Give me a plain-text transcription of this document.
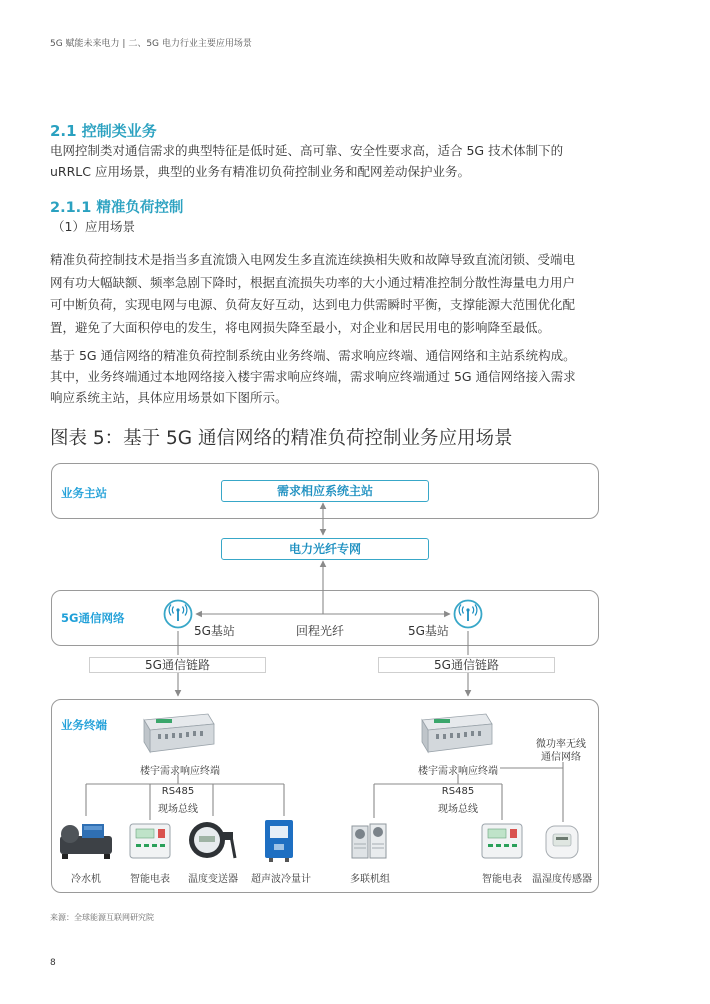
5G 赋能未来电力 | 二、5G 电力行业主要应用场景
2.1 控制类业务
电网控制类对通信需求的典型特征是低时延、高可靠、安全性要求高，适合 5G 技术体制下的
uRRLC 应用场景，典型的业务有精准切负荷控制业务和配网差动保护业务。
2.1.1 精准负荷控制
（1）应用场景
精准负荷控制技术是指当多直流馈入电网发生多直流连续换相失败和故障导致直流闭锁、受端电
网有功大幅缺额、频率急剧下降时，根据直流损失功率的大小通过精准控制分散性海量电力用户
可中断负荷，实现电网与电源、负荷友好互动，达到电力供需瞬时平衡，支撑能源大范围优化配
置，避免了大面积停电的发生，将电网损失降至最小，对企业和居民用电的影响降至最低。
基于 5G 通信网络的精准负荷控制系统由业务终端、需求响应终端、通信网络和主站系统构成。
其中，业务终端通过本地网络接入楼宇需求响应终端，需求响应终端通过 5G 通信网络接入需求
响应系统主站，具体应用场景如下图所示。
图表 5：基于 5G 通信网络的精准负荷控制业务应用场景
业务主站	需求相应系统主站
电力光纤专网
5G通信网络
5G基站	5G基站
回程光纤
5G通信链路	5G通信链路
业务终端
楼宇需求响应终端	楼宇需求响应终端
RS485
现场总线
RS485
现场总线
微功率无线
通信网络
冷水机	智能电表	温度变送器	超声波冷量计	多联机组	智能电表	温湿度传感器
来源：全球能源互联网研究院
8
